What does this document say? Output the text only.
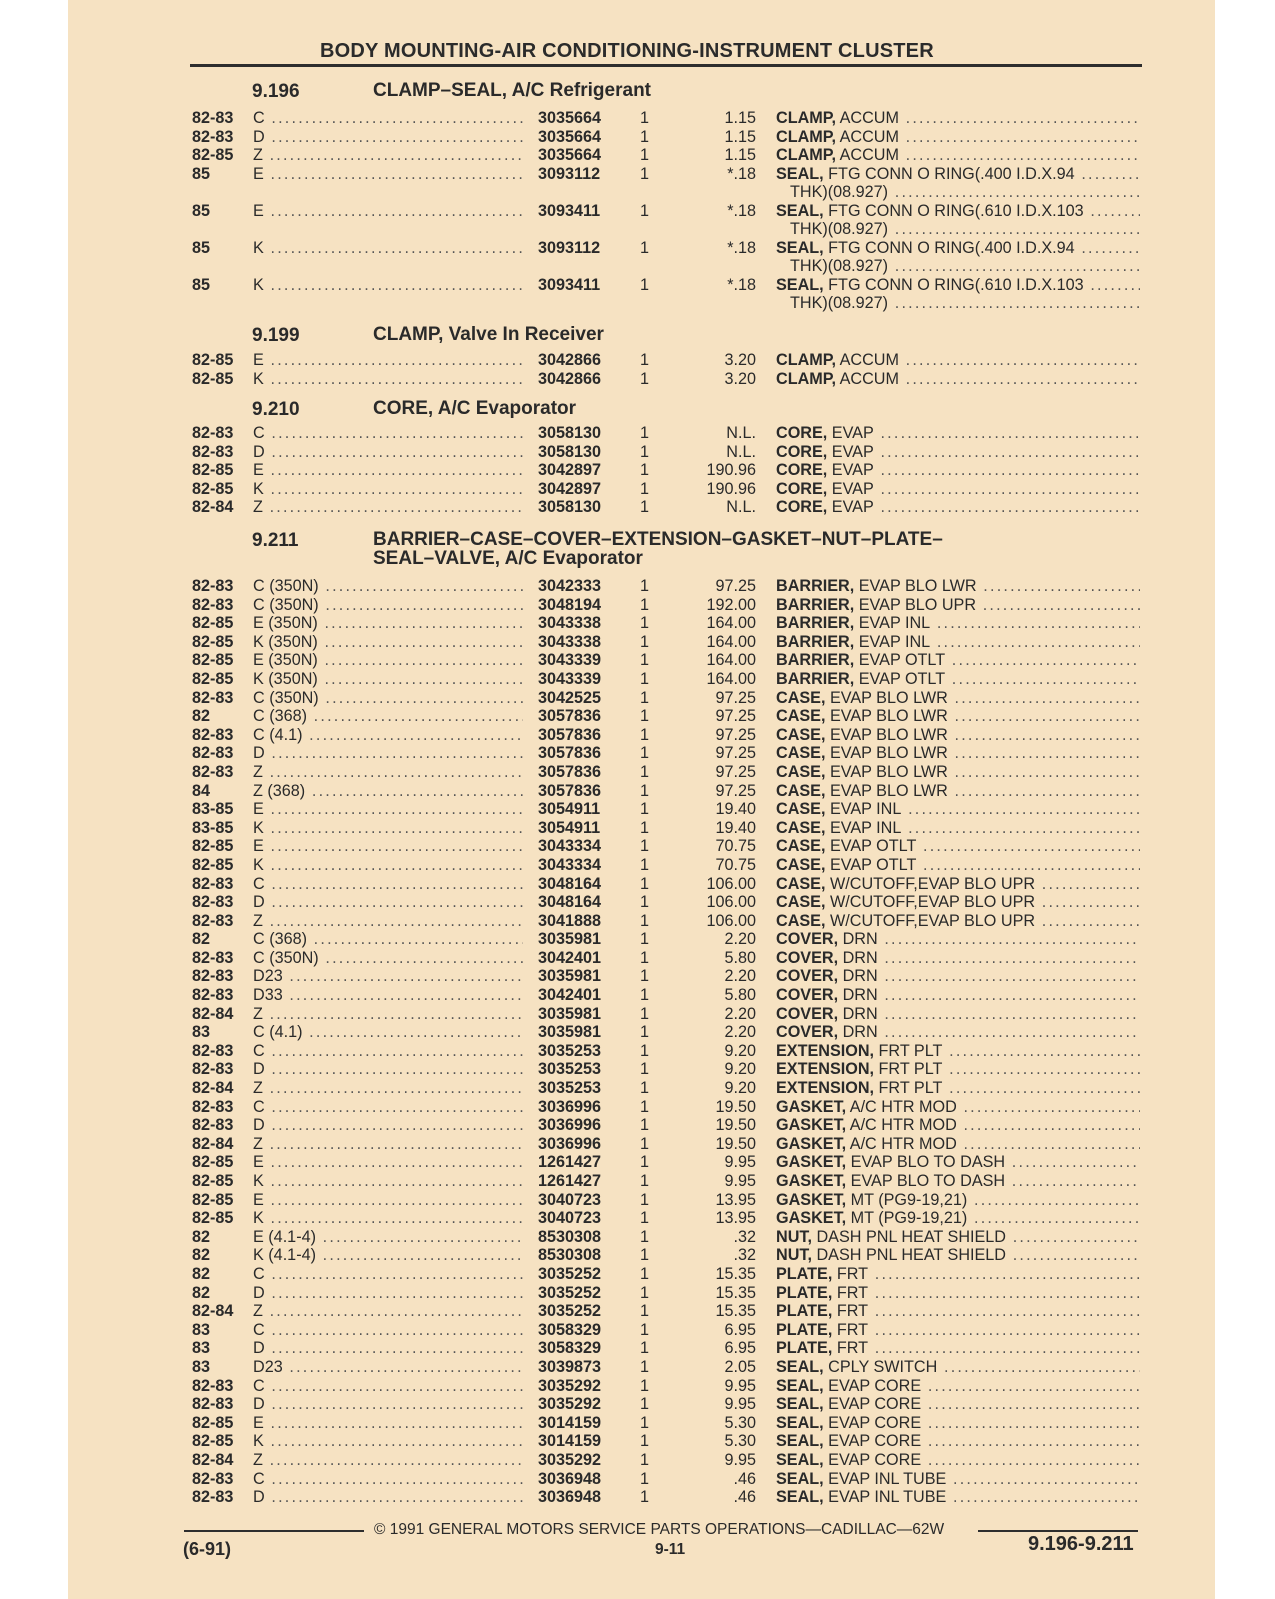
BODY MOUNTING-AIR CONDITIONING-INSTRUMENT CLUSTER
9.196	CLAMP–SEAL, A/C Refrigerant
82-83 C .....	3035664 1	1.15 CLAMP, ACCUM .....
82-83 D .....	3035664 1	1.15 CLAMP, ACCUM .....
82-85 Z .....	3035664 1	1.15 CLAMP, ACCUM .....
85	E .....	3093112 1	*.18 SEAL, FTG CONN O RING(.400 I.D.X.94 .....
THK)(08.927) .....
85	E .....	3093411 1	*.18 SEAL, FTG CONN O RING(.610 I.D.X.103 .....
THK)(08.927) .....
85	K .....	3093112 1	*.18 SEAL, FTG CONN O RING(.400 I.D.X.94 .....
THK)(08.927) .....
85	K .....	3093411 1	*.18 SEAL, FTG CONN O RING(.610 I.D.X.103 .....
THK)(08.927) .....
9.199	CLAMP, Valve In Receiver
82-85 E .....	3042866 1	3.20 CLAMP, ACCUM .....
82-85 K .....	3042866 1	3.20 CLAMP, ACCUM .....
9.210	CORE, A/C Evaporator
82-83 C .....	3058130 1	N.L. CORE, EVAP .....
82-83 D .....	3058130 1	N.L. CORE, EVAP .....
82-85 E .....	3042897 1	190.96 CORE, EVAP .....
82-85 K .....	3042897 1	190.96 CORE, EVAP .....
82-84 Z .....	3058130 1	N.L. CORE, EVAP .....
9.211	BARRIER–CASE–COVER–EXTENSION–GASKET–NUT–PLATE–
SEAL–VALVE, A/C Evaporator
82-83 C (350N) .....	3042333 1	97.25 BARRIER, EVAP BLO LWR .....
82-83 C (350N) .....	3048194 1	192.00 BARRIER, EVAP BLO UPR .....
82-85 E (350N) .....	3043338 1	164.00 BARRIER, EVAP INL .....
82-85 K (350N) .....	3043338 1	164.00 BARRIER, EVAP INL .....
82-85 E (350N) .....	3043339 1	164.00 BARRIER, EVAP OTLT .....
82-85 K (350N) .....	3043339 1	164.00 BARRIER, EVAP OTLT .....
82-83 C (350N) .....	3042525 1	97.25 CASE, EVAP BLO LWR .....
82	C (368) .....	3057836 1	97.25 CASE, EVAP BLO LWR .....
82-83 C (4.1) .....	3057836 1	97.25 CASE, EVAP BLO LWR .....
82-83 D .....	3057836 1	97.25 CASE, EVAP BLO LWR .....
82-83 Z .....	3057836 1	97.25 CASE, EVAP BLO LWR .....
84	Z (368) .....	3057836 1	97.25 CASE, EVAP BLO LWR .....
83-85 E .....	3054911 1	19.40 CASE, EVAP INL .....
83-85 K .....	3054911 1	19.40 CASE, EVAP INL .....
82-85 E .....	3043334 1	70.75 CASE, EVAP OTLT .....
82-85 K .....	3043334 1	70.75 CASE, EVAP OTLT .....
82-83 C .....	3048164 1	106.00 CASE, W/CUTOFF,EVAP BLO UPR .....
82-83 D .....	3048164 1	106.00 CASE, W/CUTOFF,EVAP BLO UPR .....
82-83 Z .....	3041888 1	106.00 CASE, W/CUTOFF,EVAP BLO UPR .....
82	C (368) .....	3035981 1	2.20 COVER, DRN .....
82-83 C (350N) .....	3042401 1	5.80 COVER, DRN .....
82-83 D23 .....	3035981 1	2.20 COVER, DRN .....
82-83 D33 .....	3042401 1	5.80 COVER, DRN .....
82-84 Z .....	3035981 1	2.20 COVER, DRN .....
83	C (4.1) .....	3035981 1	2.20 COVER, DRN .....
82-83 C .....	3035253 1	9.20 EXTENSION, FRT PLT .....
82-83 D .....	3035253 1	9.20 EXTENSION, FRT PLT .....
82-84 Z .....	3035253 1	9.20 EXTENSION, FRT PLT .....
82-83 C .....	3036996 1	19.50 GASKET, A/C HTR MOD .....
82-83 D .....	3036996 1	19.50 GASKET, A/C HTR MOD .....
82-84 Z .....	3036996 1	19.50 GASKET, A/C HTR MOD .....
82-85 E .....	1261427 1	9.95 GASKET, EVAP BLO TO DASH .....
82-85 K .....	1261427 1	9.95 GASKET, EVAP BLO TO DASH .....
82-85 E .....	3040723 1	13.95 GASKET, MT (PG9-19,21) .....
82-85 K .....	3040723 1	13.95 GASKET, MT (PG9-19,21) .....
82	E (4.1-4) .....	8530308 1	.32 NUT, DASH PNL HEAT SHIELD .....
82	K (4.1-4) .....	8530308 1	.32 NUT, DASH PNL HEAT SHIELD .....
82	C .....	3035252 1	15.35 PLATE, FRT .....
82	D .....	3035252 1	15.35 PLATE, FRT .....
82-84 Z .....	3035252 1	15.35 PLATE, FRT .....
83	C .....	3058329 1	6.95 PLATE, FRT .....
83	D .....	3058329 1	6.95 PLATE, FRT .....
83	D23 .....	3039873 1	2.05 SEAL, CPLY SWITCH .....
82-83 C .....	3035292 1	9.95 SEAL, EVAP CORE .....
82-83 D .....	3035292 1	9.95 SEAL, EVAP CORE .....
82-85 E .....	3014159 1	5.30 SEAL, EVAP CORE .....
82-85 K .....	3014159 1	5.30 SEAL, EVAP CORE .....
82-84 Z .....	3035292 1	9.95 SEAL, EVAP CORE .....
82-83 C .....	3036948 1	.46 SEAL, EVAP INL TUBE .....
82-83 D .....	3036948 1	.46 SEAL, EVAP INL TUBE .....
© 1991 GENERAL MOTORS SERVICE PARTS OPERATIONS—CADILLAC—62W
(6-91)	9-11	9.196-9.211
